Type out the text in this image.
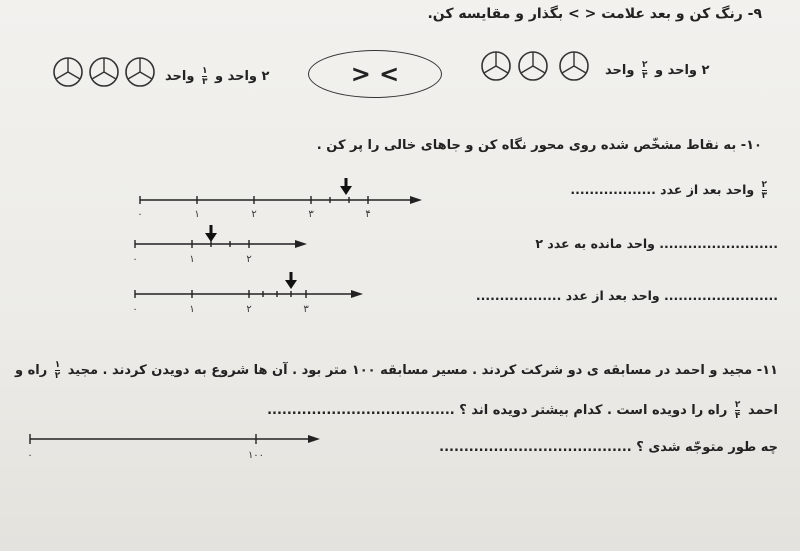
۹- رنگ کن و بعد علامت < > بگذار و مقایسه کن.
۲ واحد و
$\frac{۱}{۳}$
واحد	> <	۲ واحد و
$\frac{۲}{۳}$
واحد
۱۰- به نقاط مشخّص شده روی محور نگاه کن و جاهای خالی را پر کن .
۰	۱	۲	۳	۴
۰	۱	۲
۰	۱	۲	۳
$\frac{۲}{۳}$
واحد بعد از عدد ..................
......................... واحد مانده به عدد ۲
........................ واحد بعد از عدد ..................
۱۱- مجید و احمد در مسابقه ی دو شرکت کردند . مسیر مسابقه ۱۰۰ متر بود . آن ها شروع به دویدن کردند . مجید
$\frac{۱}{۲}$
راه و
احمد
$\frac{۲}{۴}$
راه را دویده است . کدام بیشتر دویده اند ؟ ......................................
چه طور متوجّه شدی ؟ .......................................
۰	۱۰۰
